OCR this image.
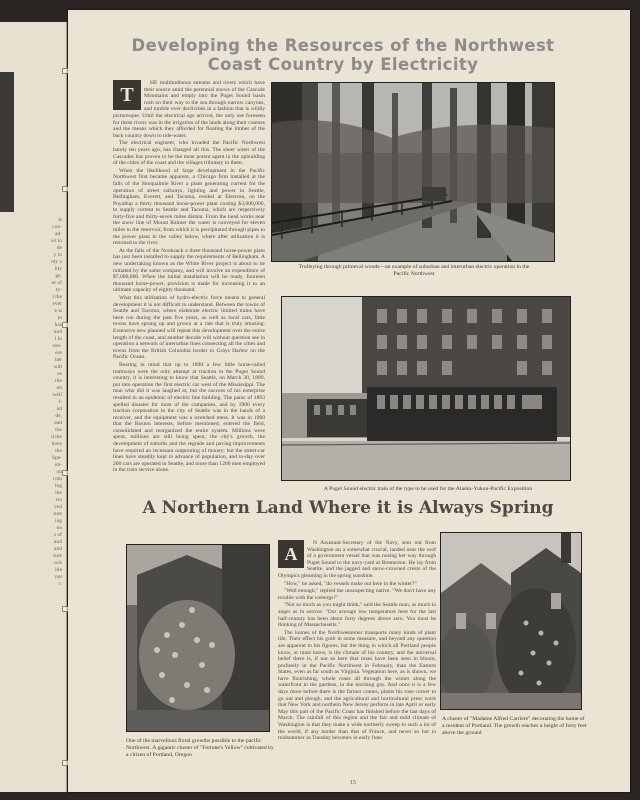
ls
con-
ad-
wt to
de
y to
nly a
lity
ge.
or of
ty-
l the
ever
e is
to
has
and
l in
son-
ere
her
sult
es
tile
on
well
l-
nd
de,
ead
the
d the
have
the
Spe-
on-
on
rom
ing
the
ers
ved
ture
ing
on
s of
and
and
sure
ock
ble
not
r.
Developing the Resources of the Northwest Coast Country by Electricity
T

HE multitudinous streams and rivers which have their source amid the perennial snows of the Cascade Mountains and empty into the Puget Sound basin rush on their way to the sea through narrow canyons, and tumble over declivities in a fashion that is wildly picturesque. Until the electrical age arrived, the only use foreseen for these rivers was in the irrigation of the lands along their courses and the means which they afforded for floating the timber of the back country down to tide-water.

The electrical engineer, who invaded the Pacific Northwest barely ten years ago, has changed all this. The sheer water of the Cascades has proven to be the most potent agent in the upbuilding of the cities of the coast and the villages tributary to them.

When the likelihood of large development in the Pacific Northwest first became apparent, a Chicago firm installed at the falls of the Snoqualmie River a plant generating current for the operation of street railways, lighting and power in Seattle, Bellingham, Everett, and Tacoma, eroded at Electron, on the Puyallup a thirty thousand horse-power plant costing $3,000,000, to supply current to Seattle and Tacoma, which are respectively forty-five and thirty-seven miles distant. From the head works near the snow line of Mount Rainier the water is conveyed for eleven miles to the reservoir, from which it is precipitated through pipes to the power plant in the valley below, where after utilization it is returned to the river.

At the falls of the Nooksack a three thousand horse-power plant has just been installed to supply the requirements of Bellingham. A new undertaking known as the White River project is about to be initiated by the same company, and will involve an expenditure of $7,000,000. When the initial installation will be ready, fourteen thousand horse-power, provision is made for increasing it to an ultimate capacity of eighty thousand.

What this utilization of hydro-electric force means to general development it is not difficult to understand. Between the towns of Seattle and Tacoma, where elaborate electric limited trains have been run during the past five years, as well as local cars, little towns have sprung up and grown at a rate that is truly amazing. Extensive new planned will repeat this development over the entire length of the coast, and another decade will without question see in operation a network of interurban lines connecting all the cities and towns from the British Columbia border to Grays Harbor on the Pacific Ocean.

Bearing in mind that up to 1890 a few little horse-railed tramways were the only attempt at traction in the Puget Sound country, it is interesting to know that Seattle, on March 30, 1889, put into operation the first electric car west of the Mississippi. The man who did it was laughed at, but the success of his enterprise resulted in an epidemic of electric line building. The panic of 1893 spelled disaster for most of the companies, and by 1900 every traction corporation in the city of Seattle was in the hands of a receiver, and the equipment was a wretched mess. It was in 1900 that the Boston interests, before mentioned, entered the field, consolidated and reorganized the entire system. Millions were spent, millions are still being spent, the city's growth, the development of suburbs and the regrade and paving improvements have required an incessant outpouring of money; but the street-car lines have steadily kept in advance of population, and to-day over 200 cars are operated in Seattle, and more than 1200 men employed in the train service alone.

Trolleying through primeval woods—an example of suburban and interurban electric operation in the Pacific Northwest
A Puget Sound electric train of the type to be used for the Alaska-Yukon-Pacific Exposition
A Northern Land Where it is Always Spring
One of the marvellous floral growths possible to the pacific Northwest. A gigantic cluster of "Fortune's Yellow" cultivated by a citizen of Portland, Oregon
A

N Assistant-Secretary of the Navy, sent out from Washington on a somewhat crucial, landed near the roof of a government vessel that was nosing her way through Puget Sound to the navy-yard at Bremerton. He lay from Seattle, and the jagged and snow-crowned crests of the Olympics gleaming in the spring sunshine.

"How," he asked, "do vessels make out here in the winter?"

"Well enough," replied the unsuspecting native. "We don't have any trouble with the icebergs?"

"Not so much as you might think," said the Seattle man, as much in anger as in sorrow. "Our average low temperature here for the last half-century has been about forty degrees above zero. You must be thinking of Massachusetts."

The homes of the Northwesterner transports many kinds of plant life. Their effect his guilt in some measure, and beyond any question are apparent to his figures, but the thing in which all Portland people know, or must know, is the climate of his country, and the universal belief there is, if not so here that roses have been seen in bloom, profusely in the Pacific Northwest in February, than the Eastern States, even as far south as Virginia. Vegetation here, as is shown, we have flourishing, whole roses all through the winter along the waterfront in the gardens, in the morning gay. And once it is a few days more before there is the farmer comes, plants his rose corner to go out and plough, and the agricultural and horticultural press work that New York and northern New Jersey perform in late April or early May this part of the Pacific Coast has finished before the last days of March. The rainfall of this region and the fair and mild climate of Washington is that they make a wide northerly sweep to such a lot of the world, if any harder than that of France, and never so hot in midsummer as Tuesday becomes in early June.

A cluster of "Madame Alfred Carriere" decorating the home of a resident of Portland. The growth reaches a height of forty feet above the ground
15
